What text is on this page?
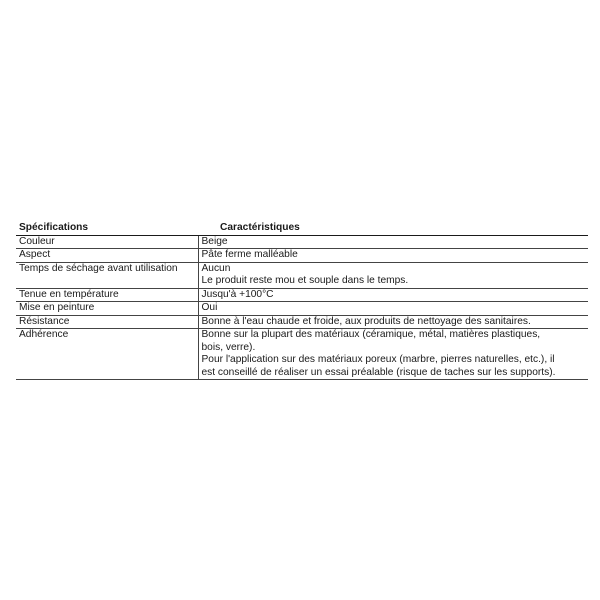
Spécifications	Caractéristiques
Couleur	Beige

Aspect	Pâte ferme malléable

Temps de séchage avant utilisation	Aucun
Le produit reste mou et souple dans le temps.

Tenue en température	Jusqu'à +100°C

Mise en peinture	Oui

Résistance	Bonne à l'eau chaude et froide, aux produits de nettoyage des sanitaires.

Adhérence	Bonne sur la plupart des matériaux (céramique, métal, matières plastiques,
bois, verre).
Pour l'application sur des matériaux poreux (marbre, pierres naturelles, etc.), il
est conseillé de réaliser un essai préalable (risque de taches sur les supports).
